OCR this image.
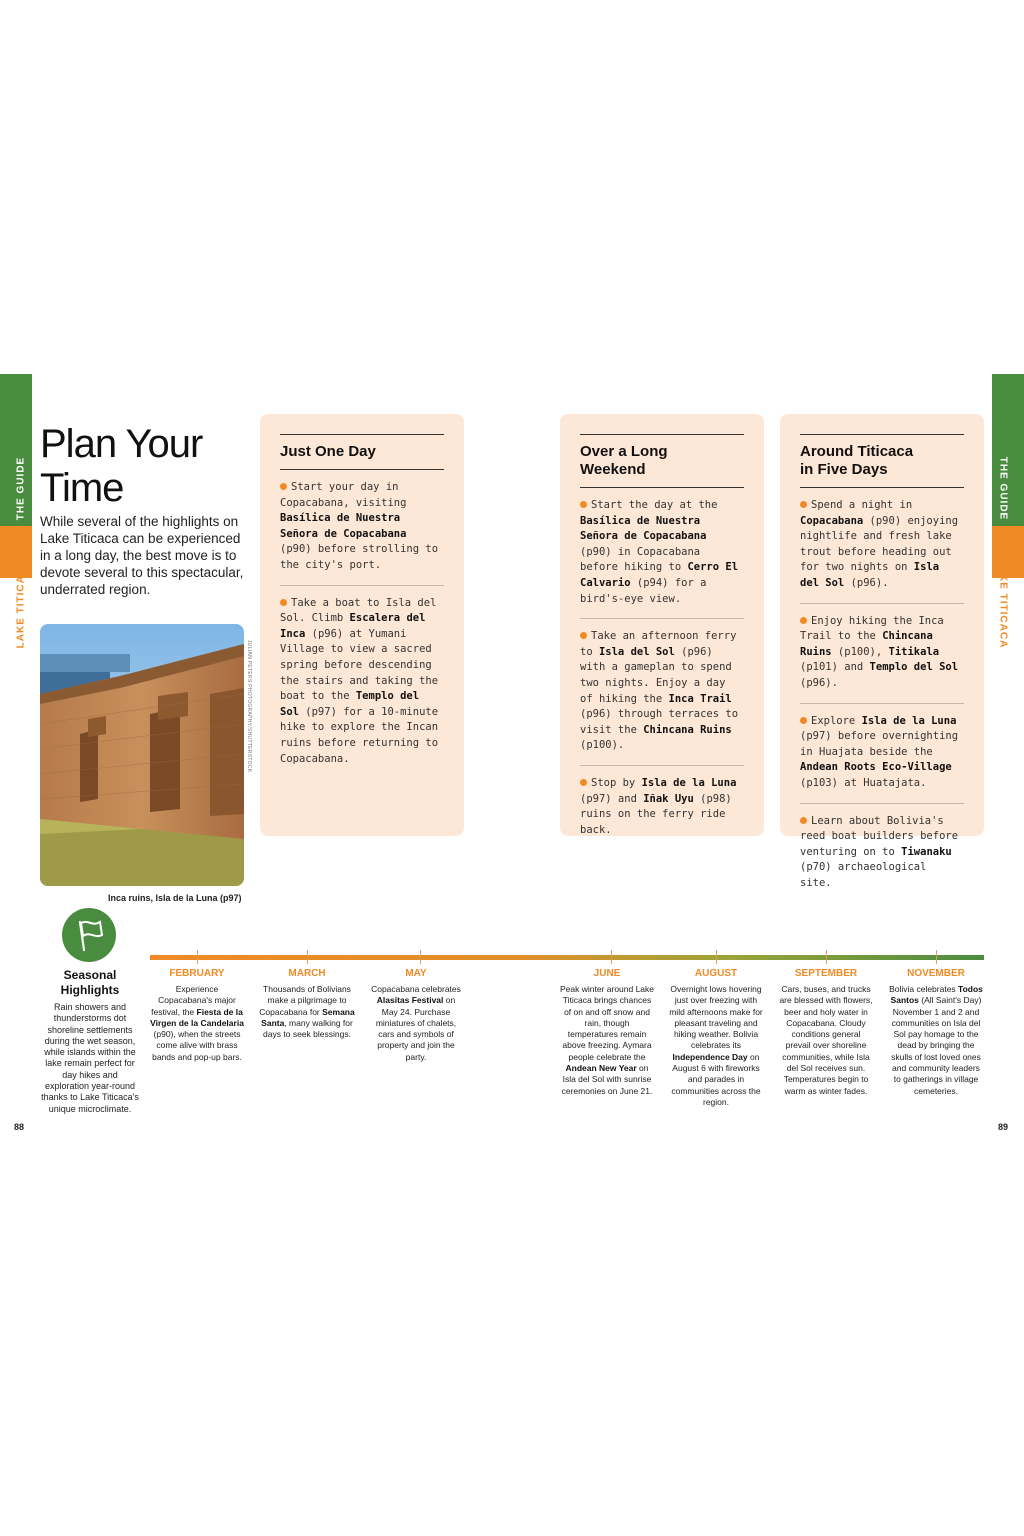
THE GUIDE
LAKE TITICACA
THE GUIDE
LAKE TITICACA
Plan Your
Time
While several of the highlights on Lake Titicaca can be experienced in a long day, the best move is to devote several to this spectacular, underrated region.
JULIAN PETERS PHOTOGRAPHY/SHUTTERSTOCK
Inca ruins, Isla de la Luna (p97)
Just One Day
Start your day in Copacabana, visiting Basílica de Nuestra Señora de Copacabana (p90) before strolling to the city's port.
Take a boat to Isla del Sol. Climb Escalera del Inca (p96) at Yumani Village to view a sacred spring before descending the stairs and taking the boat to the Templo del Sol (p97) for a 10-minute hike to explore the Incan ruins before returning to Copacabana.
Over a Long
Weekend
Start the day at the Basílica de Nuestra Señora de Copacabana (p90) in Copacabana before hiking to Cerro El Calvario (p94) for a bird's-eye view.
Take an afternoon ferry to Isla del Sol (p96) with a gameplan to spend two nights. Enjoy a day of hiking the Inca Trail (p96) through terraces to visit the Chincana Ruins (p100).
Stop by Isla de la Luna (p97) and Iñak Uyu (p98) ruins on the ferry ride back.
Around Titicaca
in Five Days
Spend a night in Copacabana (p90) enjoying nightlife and fresh lake trout before heading out for two nights on Isla del Sol (p96).
Enjoy hiking the Inca Trail to the Chincana Ruins (p100), Titikala (p101) and Templo del Sol (p96).
Explore Isla de la Luna (p97) before overnighting in Huajata beside the Andean Roots Eco-Village (p103) at Huatajata.
Learn about Bolivia's reed boat builders before venturing on to Tiwanaku (p70) archaeological site.
Seasonal
Highlights
Rain showers and thunderstorms dot shoreline settlements during the wet season, while islands within the lake remain perfect for day hikes and exploration year-round thanks to Lake Titicaca's unique microclimate.
FEBRUARY
Experience Copacabana's major festival, the Fiesta de la Virgen de la Candelaria (p90), when the streets come alive with brass bands and pop-up bars.
MARCH
Thousands of Bolivians make a pilgrimage to Copacabana for Semana Santa, many walking for days to seek blessings.
MAY
Copacabana celebrates Alasitas Festival on May 24. Purchase miniatures of chalets, cars and symbols of property and join the party.
JUNE
Peak winter around Lake Titicaca brings chances of on and off snow and rain, though temperatures remain above freezing. Aymara people celebrate the Andean New Year on Isla del Sol with sunrise ceremonies on June 21.
AUGUST
Overnight lows hovering just over freezing with mild afternoons make for pleasant traveling and hiking weather. Bolivia celebrates its Independence Day on August 6 with fireworks and parades in communities across the region.
SEPTEMBER
Cars, buses, and trucks are blessed with flowers, beer and holy water in Copacabana. Cloudy conditions general prevail over shoreline communities, while Isla del Sol receives sun. Temperatures begin to warm as winter fades.
NOVEMBER
Bolivia celebrates Todos Santos (All Saint's Day) November 1 and 2 and communities on Isla del Sol pay homage to the dead by bringing the skulls of lost loved ones and community leaders to gatherings in village cemeteries.
88	89
